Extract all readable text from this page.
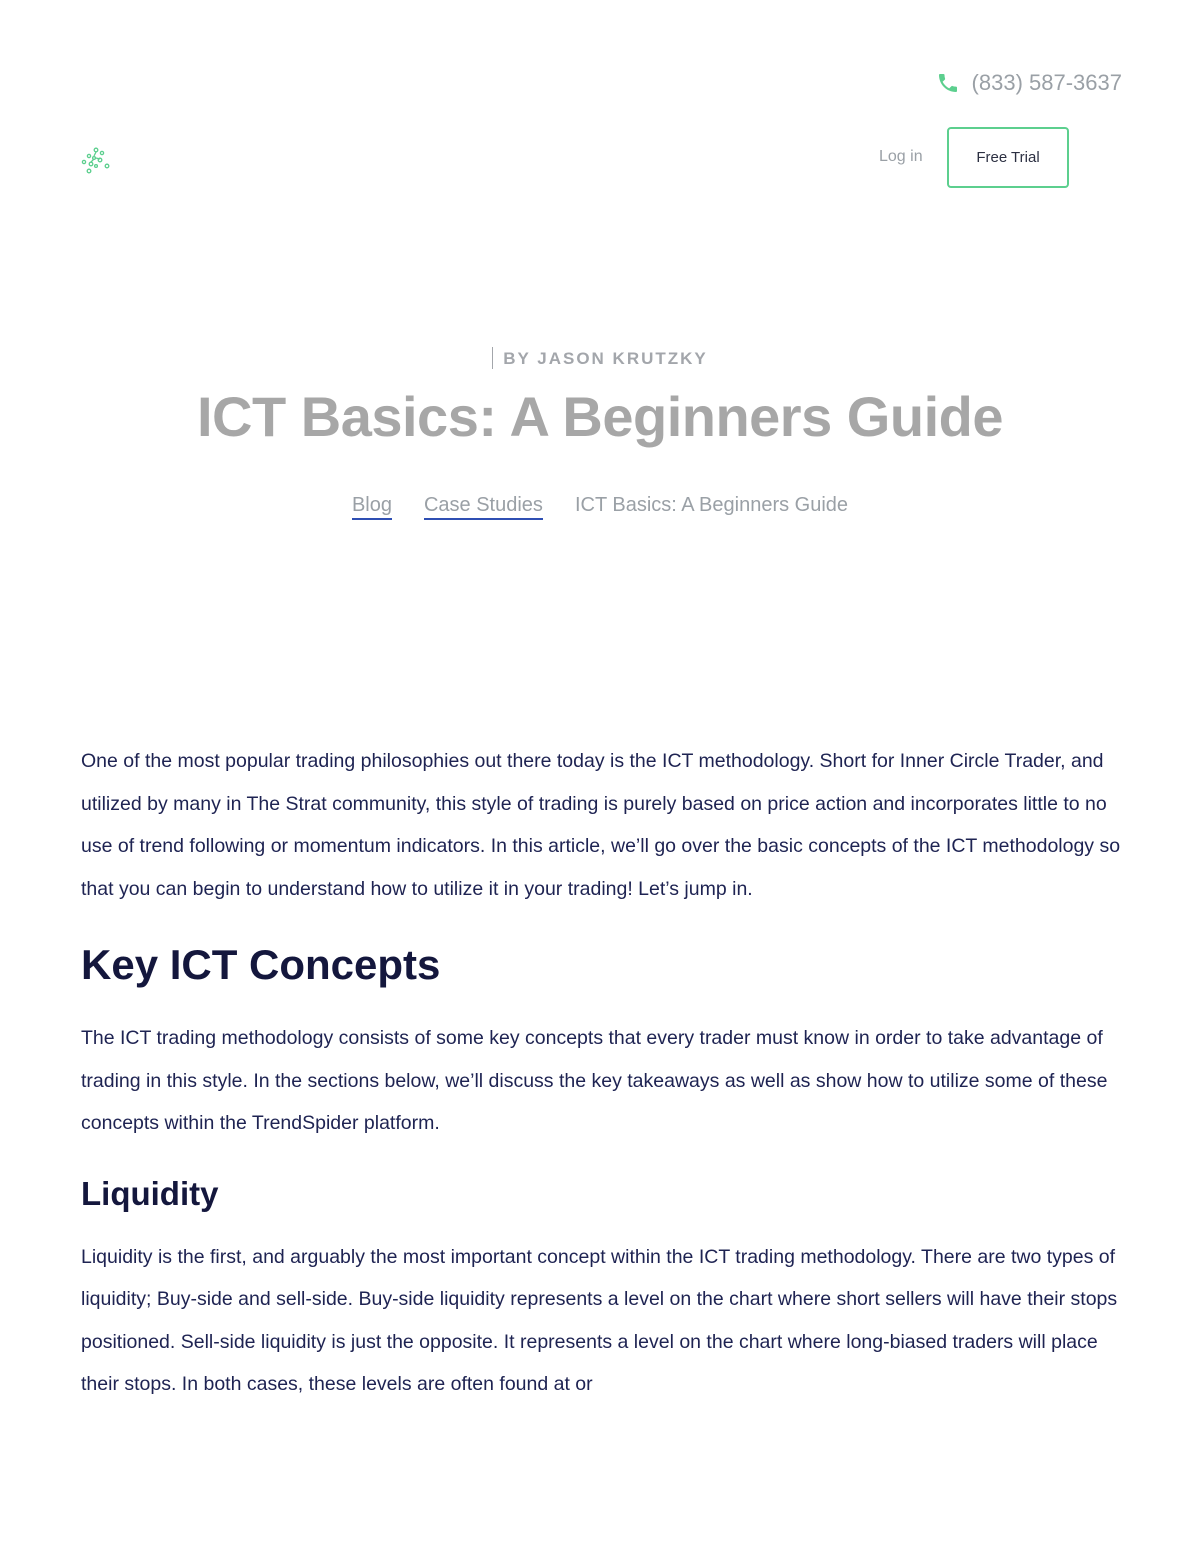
(833) 587-3637
Log in	Free Trial
BY JASON KRUTZKY
ICT Basics: A Beginners Guide
Blog Case Studies ICT Basics: A Beginners Guide

One of the most popular trading philosophies out there today is the ICT methodology. Short for Inner Circle Trader, and utilized by many in The Strat community, this style of trading is purely based on price action and incorporates little to no use of trend following or momentum indicators. In this article, we’ll go over the basic concepts of the ICT methodology so that you can begin to understand how to utilize it in your trading! Let’s jump in.

Key ICT Concepts

The ICT trading methodology consists of some key concepts that every trader must know in order to take advantage of trading in this style. In the sections below, we’ll discuss the key takeaways as well as show how to utilize some of these concepts within the TrendSpider platform.

Liquidity

Liquidity is the first, and arguably the most important concept within the ICT trading methodology. There are two types of liquidity; Buy-side and sell-side. Buy-side liquidity represents a level on the chart where short sellers will have their stops positioned. Sell-side liquidity is just the opposite. It represents a level on the chart where long-biased traders will place their stops. In both cases, these levels are often found at or
